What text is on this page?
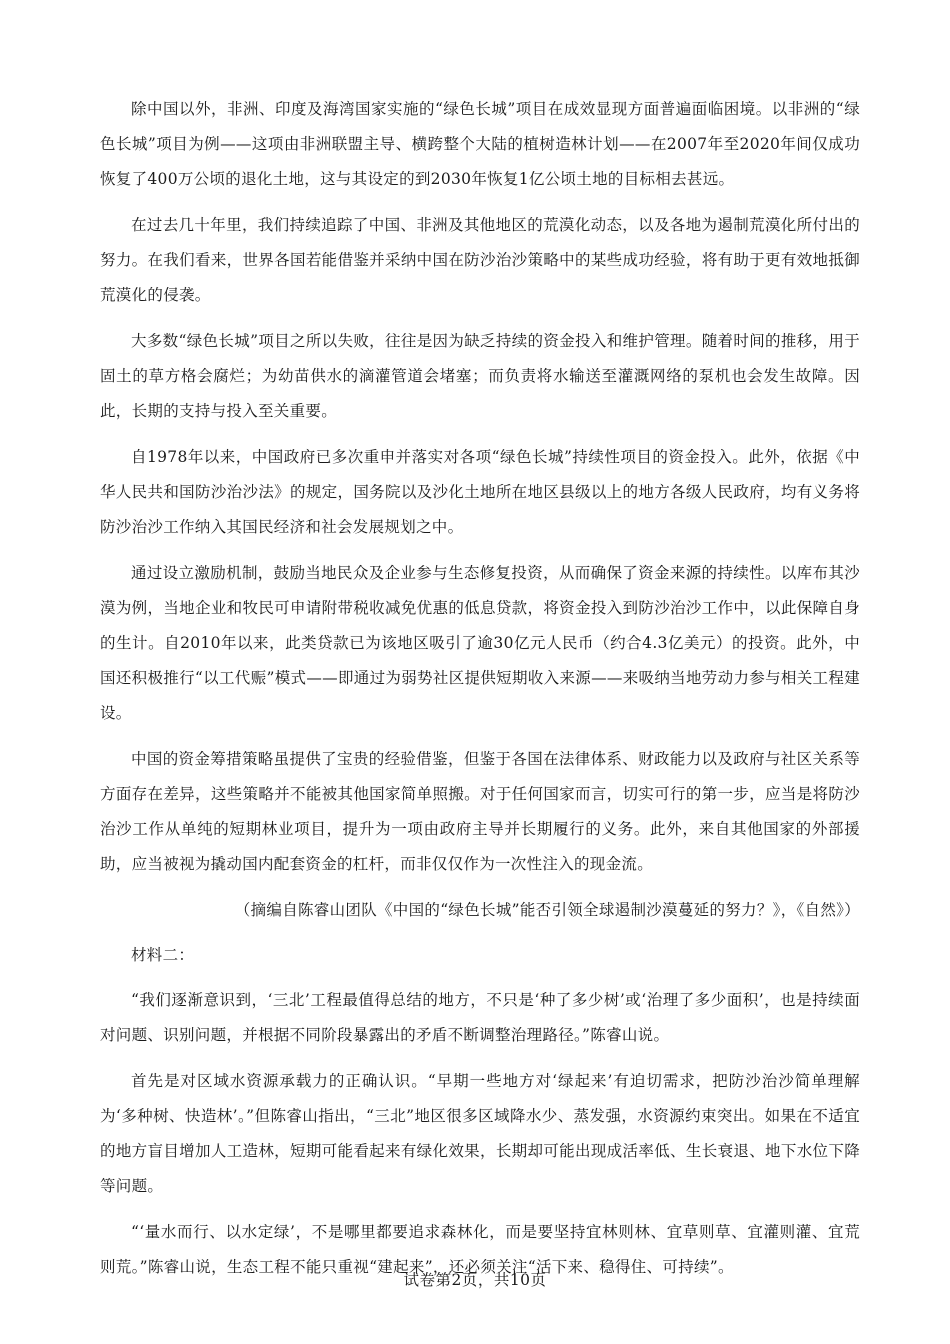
除中国以外，非洲、印度及海湾国家实施的“绿色长城”项目在成效显现方面普遍面临困境。以非洲的“绿色长城”项目为例——这项由非洲联盟主导、横跨整个大陆的植树造林计划——在2007年至2020年间仅成功恢复了400万公顷的退化土地，这与其设定的到2030年恢复1亿公顷土地的目标相去甚远。

在过去几十年里，我们持续追踪了中国、非洲及其他地区的荒漠化动态，以及各地为遏制荒漠化所付出的努力。在我们看来，世界各国若能借鉴并采纳中国在防沙治沙策略中的某些成功经验，将有助于更有效地抵御荒漠化的侵袭。

大多数“绿色长城”项目之所以失败，往往是因为缺乏持续的资金投入和维护管理。随着时间的推移，用于固土的草方格会腐烂；为幼苗供水的滴灌管道会堵塞；而负责将水输送至灌溉网络的泵机也会发生故障。因此，长期的支持与投入至关重要。

自1978年以来，中国政府已多次重申并落实对各项“绿色长城”持续性项目的资金投入。此外，依据《中华人民共和国防沙治沙法》的规定，国务院以及沙化土地所在地区县级以上的地方各级人民政府，均有义务将防沙治沙工作纳入其国民经济和社会发展规划之中。

通过设立激励机制，鼓励当地民众及企业参与生态修复投资，从而确保了资金来源的持续性。以库布其沙漠为例，当地企业和牧民可申请附带税收减免优惠的低息贷款，将资金投入到防沙治沙工作中，以此保障自身的生计。自2010年以来，此类贷款已为该地区吸引了逾30亿元人民币（约合4.3亿美元）的投资。此外，中国还积极推行“以工代赈”模式——即通过为弱势社区提供短期收入来源——来吸纳当地劳动力参与相关工程建设。

中国的资金筹措策略虽提供了宝贵的经验借鉴，但鉴于各国在法律体系、财政能力以及政府与社区关系等方面存在差异，这些策略并不能被其他国家简单照搬。对于任何国家而言，切实可行的第一步，应当是将防沙治沙工作从单纯的短期林业项目，提升为一项由政府主导并长期履行的义务。此外，来自其他国家的外部援助，应当被视为撬动国内配套资金的杠杆，而非仅仅作为一次性注入的现金流。

（摘编自陈睿山团队《中国的“绿色长城”能否引领全球遏制沙漠蔓延的努力？》，《自然》）

材料二：

“我们逐渐意识到，‘三北’工程最值得总结的地方，不只是‘种了多少树’或‘治理了多少面积’，也是持续面对问题、识别问题，并根据不同阶段暴露出的矛盾不断调整治理路径。”陈睿山说。

首先是对区域水资源承载力的正确认识。“早期一些地方对‘绿起来’有迫切需求，把防沙治沙简单理解为‘多种树、快造林’。”但陈睿山指出，“三北”地区很多区域降水少、蒸发强，水资源约束突出。如果在不适宜的地方盲目增加人工造林，短期可能看起来有绿化效果，长期却可能出现成活率低、生长衰退、地下水位下降等问题。

“‘量水而行、以水定绿’，不是哪里都要追求森林化，而是要坚持宜林则林、宜草则草、宜灌则灌、宜荒则荒。”陈睿山说，生态工程不能只重视“建起来”，还必须关注“活下来、稳得住、可持续”。

试卷第2页，共10页
